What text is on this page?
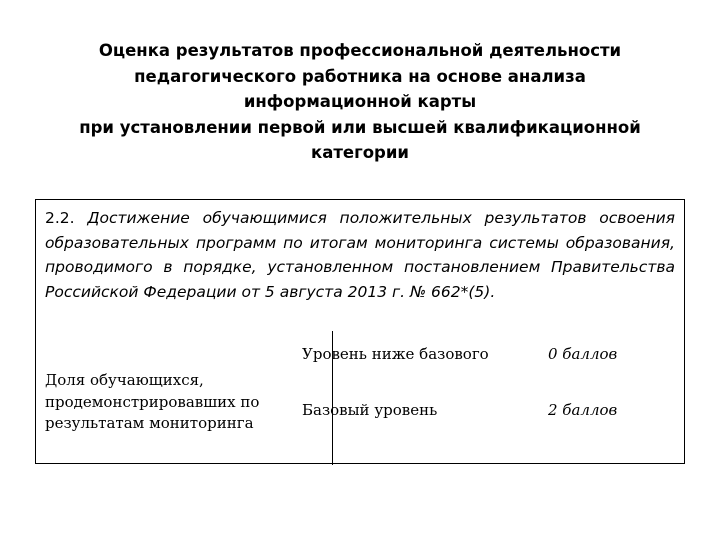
Оценка результатов профессиональной деятельности
педагогического работника на основе анализа
информационной карты
при установлении первой или высшей квалификационной
категории
2.2. Достижение обучающимися положительных результатов освоения образовательных программ по итогам мониторинга системы образования, проводимого в порядке, установленном постановлением Правительства Российской Федерации от 5 августа 2013 г. № 662*(5).
Доля обучающихся, продемонстрировавших по результатам мониторинга
Уровень ниже базового	0 баллов
Базовый уровень	2 баллов
